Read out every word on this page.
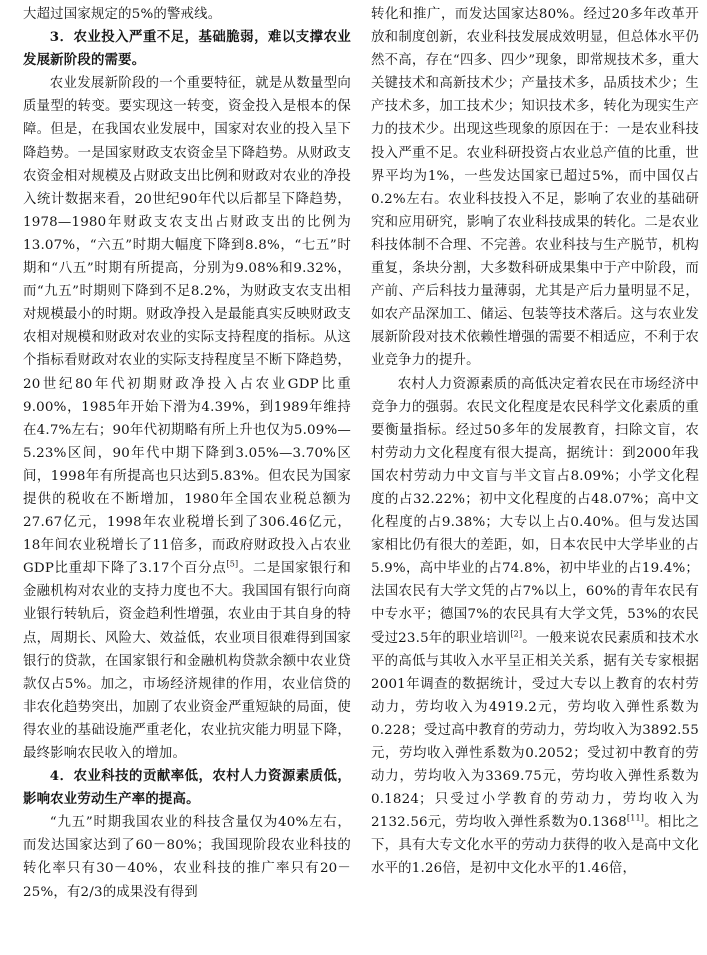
大超过国家规定的5%的警戒线。

3．农业投入严重不足，基础脆弱，难以支撑农业发展新阶段的需要。

农业发展新阶段的一个重要特征，就是从数量型向质量型的转变。要实现这一转变，资金投入是根本的保障。但是，在我国农业发展中，国家对农业的投入呈下降趋势。一是国家财政支农资金呈下降趋势。从财政支农资金相对规模及占财政支出比例和财政对农业的净投入统计数据来看，20世纪90年代以后都呈下降趋势，1978—1980年财政支农支出占财政支出的比例为13.07%，“六五”时期大幅度下降到8.8%，“七五”时期和“八五”时期有所提高，分别为9.08%和9.32%，而“九五”时期则下降到不足8.2%，为财政支农支出相对规模最小的时期。财政净投入是最能真实反映财政支农相对规模和财政对农业的实际支持程度的指标。从这个指标看财政对农业的实际支持程度呈不断下降趋势，20世纪80年代初期财政净投入占农业GDP比重9.00%，1985年开始下滑为4.39%，到1989年维持在4.7%左右；90年代初期略有所上升也仅为5.09%—5.23%区间，90年代中期下降到3.05%—3.70%区间，1998年有所提高也只达到5.83%。但农民为国家提供的税收在不断增加，1980年全国农业税总额为27.67亿元，1998年农业税增长到了306.46亿元，18年间农业税增长了11倍多，而政府财政投入占农业GDP比重却下降了3.17个百分点[5]。二是国家银行和金融机构对农业的支持力度也不大。我国国有银行向商业银行转轨后，资金趋利性增强，农业由于其自身的特点，周期长、风险大、效益低，农业项目很难得到国家银行的贷款，在国家银行和金融机构贷款余额中农业贷款仅占5%。加之，市场经济规律的作用，农业信贷的非农化趋势突出，加剧了农业资金严重短缺的局面，使得农业的基础设施严重老化，农业抗灾能力明显下降，最终影响农民收入的增加。

4．农业科技的贡献率低，农村人力资源素质低，影响农业劳动生产率的提高。

“九五”时期我国农业的科技含量仅为40%左右，而发达国家达到了60－80%；我国现阶段农业科技的转化率只有30－40%，农业科技的推广率只有20－25%，有2/3的成果没有得到

转化和推广，而发达国家达80%。经过20多年改革开放和制度创新，农业科技发展成效明显，但总体水平仍然不高，存在“四多、四少”现象，即常规技术多，重大关键技术和高新技术少；产量技术多，品质技术少；生产技术多，加工技术少；知识技术多，转化为现实生产力的技术少。出现这些现象的原因在于：一是农业科技投入严重不足。农业科研投资占农业总产值的比重，世界平均为1%，一些发达国家已超过5%，而中国仅占0.2%左右。农业科技投入不足，影响了农业的基础研究和应用研究，影响了农业科技成果的转化。二是农业科技体制不合理、不完善。农业科技与生产脱节，机构重复，条块分割，大多数科研成果集中于产中阶段，而产前、产后科技力量薄弱，尤其是产后力量明显不足，如农产品深加工、储运、包装等技术落后。这与农业发展新阶段对技术依赖性增强的需要不相适应，不利于农业竞争力的提升。

农村人力资源素质的高低决定着农民在市场经济中竞争力的强弱。农民文化程度是农民科学文化素质的重要衡量指标。经过50多年的发展教育，扫除文盲，农村劳动力文化程度有很大提高，据统计：到2000年我国农村劳动力中文盲与半文盲占8.09%；小学文化程度的占32.22%；初中文化程度的占48.07%；高中文化程度的占9.38%；大专以上占0.40%。但与发达国家相比仍有很大的差距，如，日本农民中大学毕业的占5.9%，高中毕业的占74.8%，初中毕业的占19.4%；法国农民有大学文凭的占7%以上，60%的青年农民有中专水平；德国7%的农民具有大学文凭，53%的农民受过23.5年的职业培训[2]。一般来说农民素质和技术水平的高低与其收入水平呈正相关关系，据有关专家根据2001年调查的数据统计，受过大专以上教育的农村劳动力，劳均收入为4919.2元，劳均收入弹性系数为0.228；受过高中教育的劳动力，劳均收入为3892.55元，劳均收入弹性系数为0.2052；受过初中教育的劳动力，劳均收入为3369.75元，劳均收入弹性系数为0.1824；只受过小学教育的劳动力，劳均收入为2132.56元，劳均收入弹性系数为0.1368[11]。相比之下，具有大专文化水平的劳动力获得的收入是高中文化水平的1.26倍，是初中文化水平的1.46倍，
